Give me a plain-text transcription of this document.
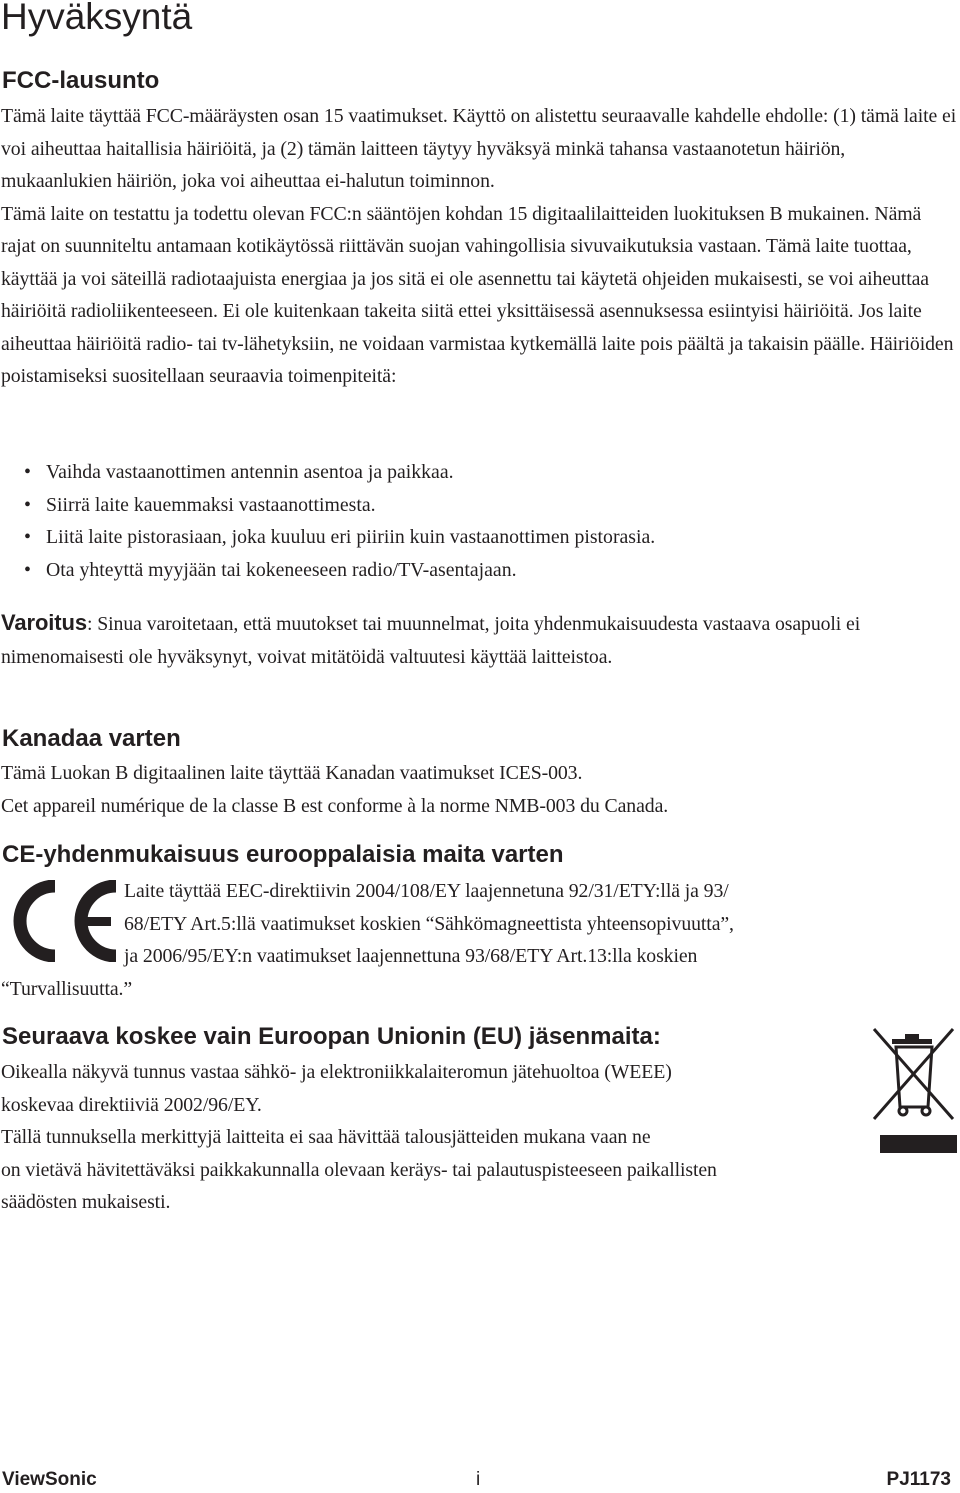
Hyväksyntä
FCC-lausunto

Tämä laite täyttää FCC-määräysten osan 15 vaatimukset. Käyttö on alistettu seuraavalle kahdelle ehdolle: (1) tämä laite ei voi aiheuttaa haitallisia häiriöitä, ja (2) tämän laitteen täytyy hyväksyä minkä tahansa vastaanotetun häiriön, mukaanlukien häiriön, joka voi aiheuttaa ei-halutun toiminnon.

Tämä laite on testattu ja todettu olevan FCC:n sääntöjen kohdan 15 digitaalilaitteiden luokituksen B mukainen. Nämä rajat on suunniteltu antamaan kotikäytössä riittävän suojan vahingollisia sivuvaikutuksia vastaan. Tämä laite tuottaa, käyttää ja voi säteillä radiotaajuista energiaa ja jos sitä ei ole asennettu tai käytetä ohjeiden mukaisesti, se voi aiheuttaa häiriöitä radioliikenteeseen. Ei ole kuitenkaan takeita siitä ettei yksittäisessä asennuksessa esiintyisi häiriöitä. Jos laite aiheuttaa häiriöitä radio- tai tv-lähetyksiin, ne voidaan varmistaa kytkemällä laite pois päältä ja takaisin päälle. Häiriöiden poistamiseksi suositellaan seuraavia toimenpiteitä:

• Vaihda vastaanottimen antennin asentoa ja paikkaa.
• Siirrä laite kauemmaksi vastaanottimesta.
• Liitä laite pistorasiaan, joka kuuluu eri piiriin kuin vastaanottimen pistorasia.
• Ota yhteyttä myyjään tai kokeneeseen radio/TV-asentajaan.

Varoitus: Sinua varoitetaan, että muutokset tai muunnelmat, joita yhdenmukaisuudesta vastaava osapuoli ei nimenomaisesti ole hyväksynyt, voivat mitätöidä valtuutesi käyttää laitteistoa.

Kanadaa varten

Tämä Luokan B digitaalinen laite täyttää Kanadan vaatimukset ICES-003.

Cet appareil numérique de la classe B est conforme à la norme NMB-003 du Canada.

CE-yhdenmukaisuus eurooppalaisia maita varten

Laite täyttää EEC-direktiivin 2004/108/EY laajennetuna 92/31/ETY:llä ja 93/

68/ETY Art.5:llä vaatimukset koskien “Sähkömagneettista yhteensopivuutta”,

ja 2006/95/EY:n vaatimukset laajennettuna 93/68/ETY Art.13:lla koskien

“Turvallisuutta.”
Seuraava koskee vain Euroopan Unionin (EU) jäsenmaita:

Oikealla näkyvä tunnus vastaa sähkö- ja elektroniikkalaiteromun jätehuoltoa (WEEE)

koskevaa direktiiviä 2002/96/EY.

Tällä tunnuksella merkittyjä laitteita ei saa hävittää talousjätteiden mukana vaan ne

on vietävä hävitettäväksi paikkakunnalla olevaan keräys- tai palautuspisteeseen paikallisten

säädösten mukaisesti.

ViewSonic	i	PJ1173
